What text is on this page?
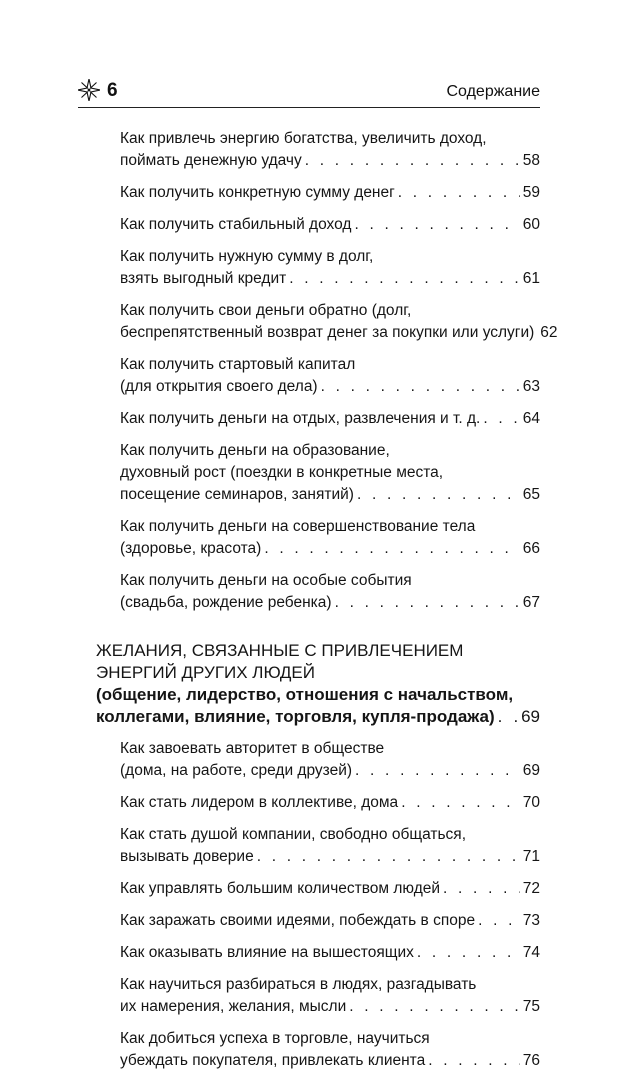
6	Содержание
Как привлечь энергию богатства, увеличить доход,
поймать денежную удачу . . .	58
Как получить конкретную сумму денег . . .	59
Как получить стабильный доход . . .	60
Как получить нужную сумму в долг,
взять выгодный кредит . . .	61
Как получить свои деньги обратно (долг,
беспрепятственный возврат денег за покупки или услуги) 62
Как получить стартовый капитал
(для открытия своего дела) . . .	63
Как получить деньги на отдых, развлечения и т. д. . . .	64
Как получить деньги на образование,
духовный рост (поездки в конкретные места,
посещение семинаров, занятий) . . .	65
Как получить деньги на совершенствование тела
(здоровье, красота) . . .	66
Как получить деньги на особые события
(свадьба, рождение ребенка) . . .	67
ЖЕЛАНИЯ, СВЯЗАННЫЕ С ПРИВЛЕЧЕНИЕМ
ЭНЕРГИЙ ДРУГИХ ЛЮДЕЙ
(общение, лидерство, отношения с начальством,
коллегами, влияние, торговля, купля-продажа) . . . 69
Как завоевать авторитет в обществе
(дома, на работе, среди друзей) . . .	69
Как стать лидером в коллективе, дома . . .	70
Как стать душой компании, свободно общаться,
вызывать доверие . . .	71
Как управлять большим количеством людей . . .	72
Как заражать своими идеями, побеждать в споре . . .	73
Как оказывать влияние на вышестоящих . . .	74
Как научиться разбираться в людях, разгадывать
их намерения, желания, мысли . . .	75
Как добиться успеха в торговле, научиться
убеждать покупателя, привлекать клиента . . .	76
